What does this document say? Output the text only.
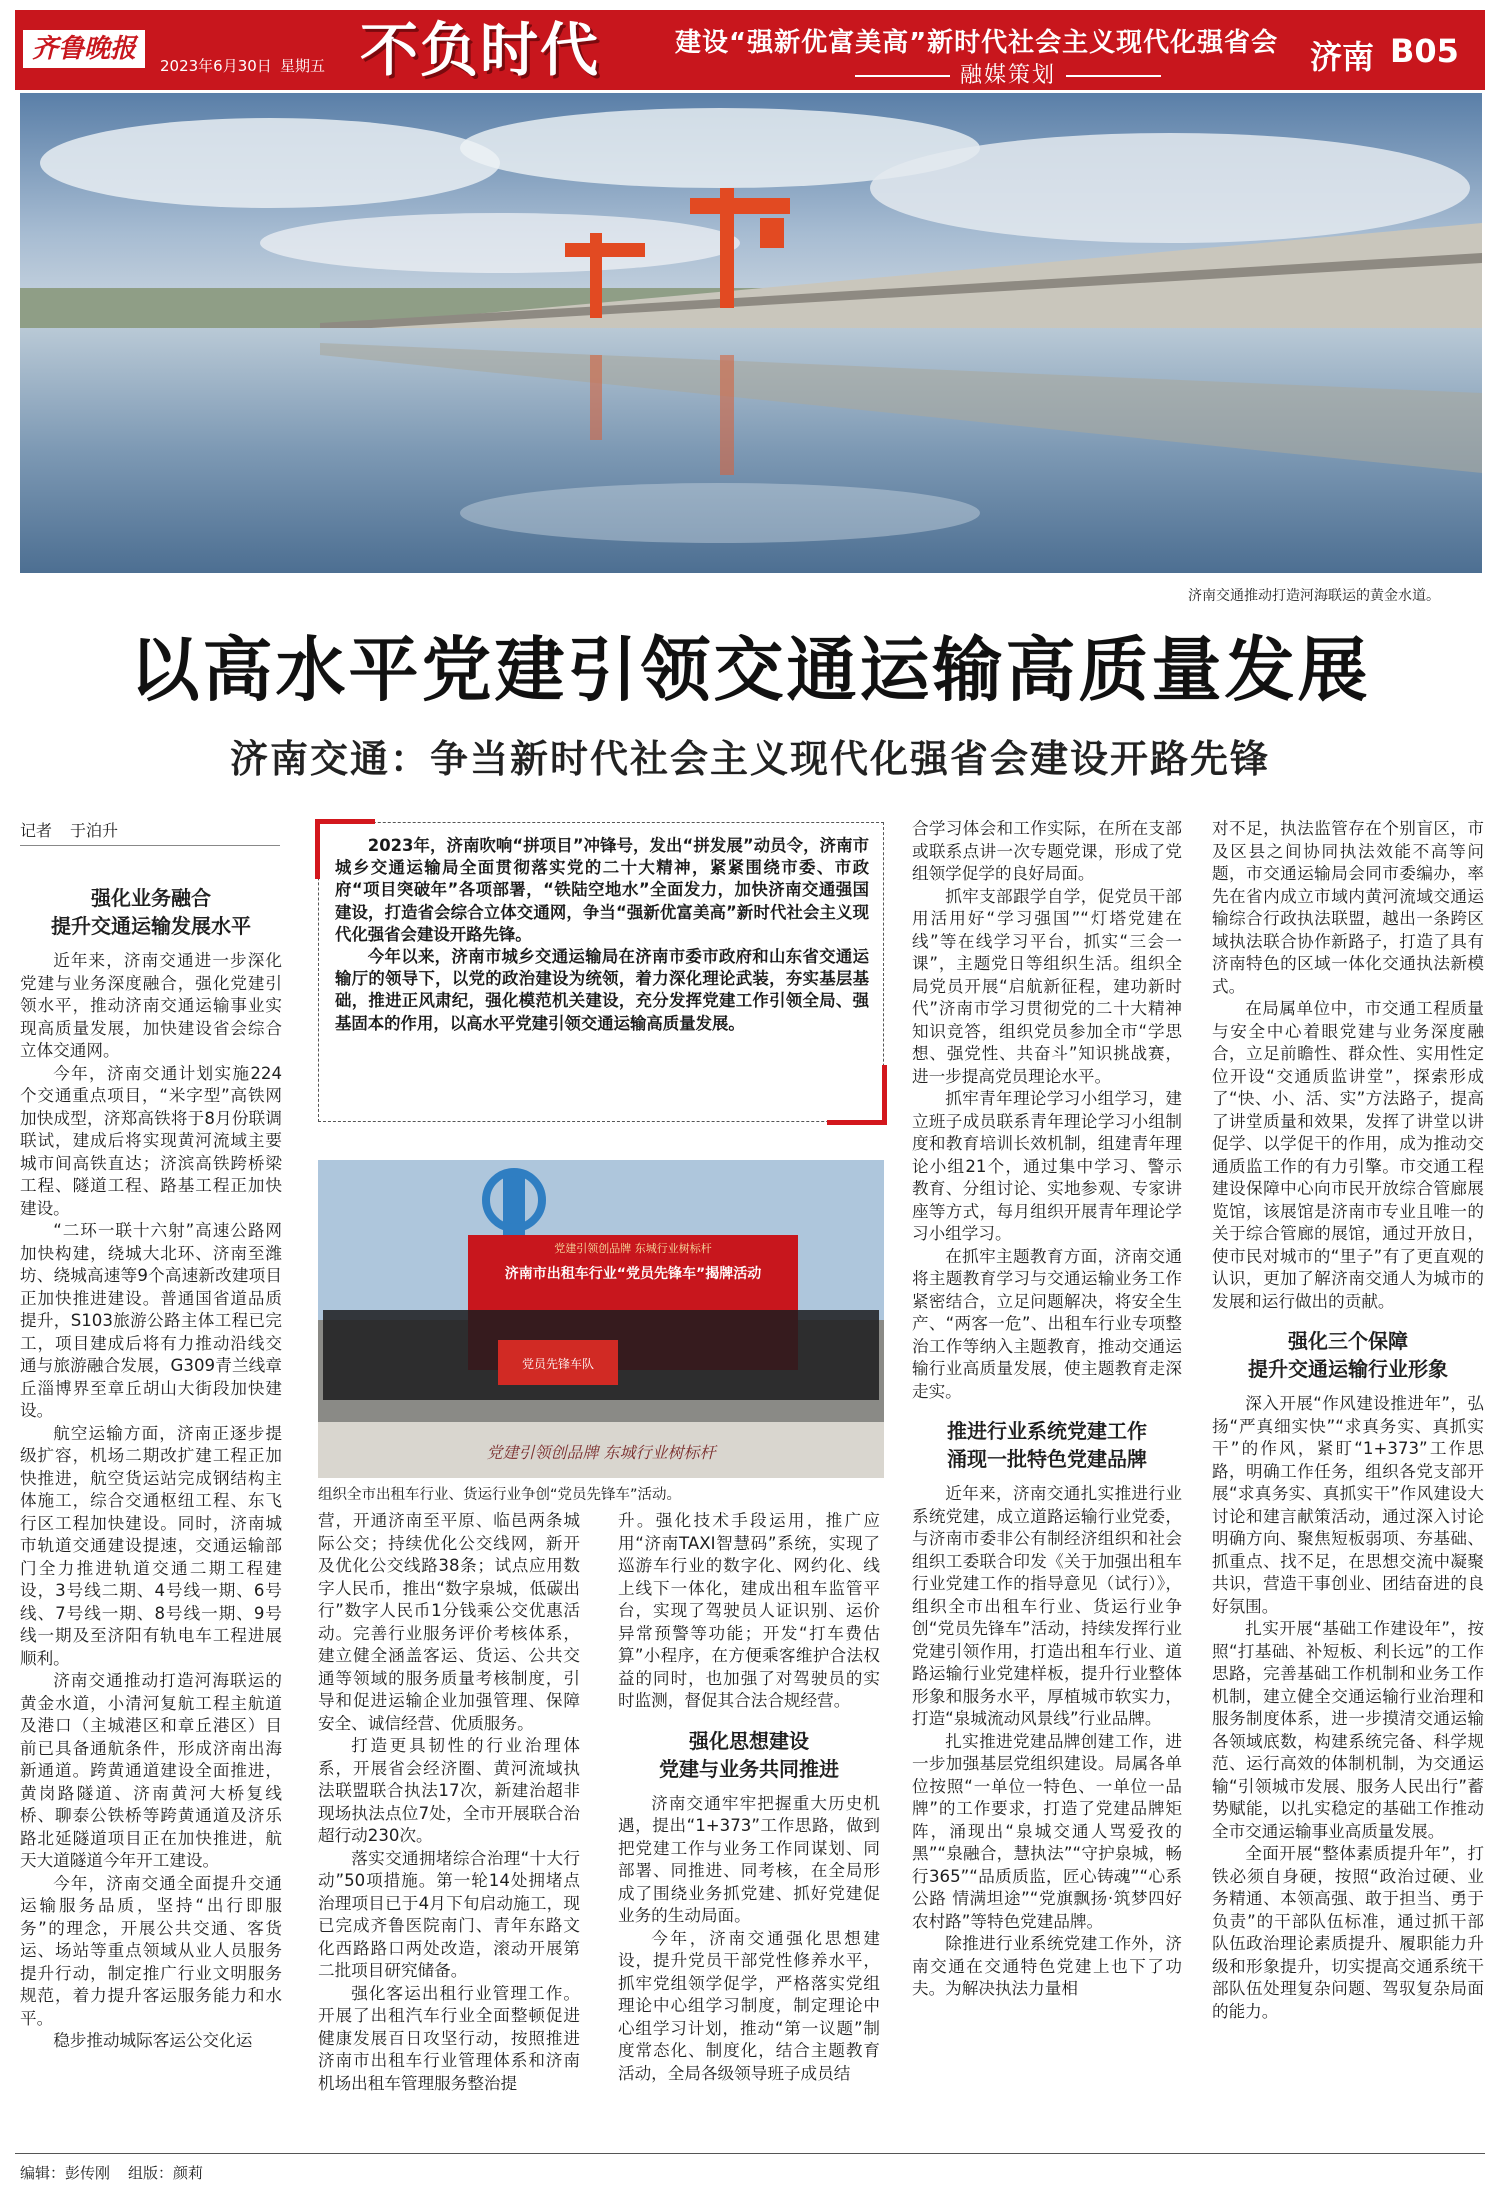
齐鲁晚报
2023年6月30日 星期五 不负时代	建设“强新优富美高”新时代社会主义现代化强省会
融媒策划	济南 B05
济南交通推动打造河海联运的黄金水道。
以高水平党建引领交通运输高质量发展
济南交通：争当新时代社会主义现代化强省会建设开路先锋
记者 于泊升
强化业务融合
提升交通运输发展水平

近年来，济南交通进一步深化党建与业务深度融合，强化党建引领水平，推动济南交通运输事业实现高质量发展，加快建设省会综合立体交通网。

今年，济南交通计划实施224个交通重点项目，“米字型”高铁网加快成型，济郑高铁将于8月份联调联试，建成后将实现黄河流域主要城市间高铁直达；济滨高铁跨桥梁工程、隧道工程、路基工程正加快建设。

“二环一联十六射”高速公路网加快构建，绕城大北环、济南至潍坊、绕城高速等9个高速新改建项目正加快推进建设。普通国省道品质提升，S103旅游公路主体工程已完工，项目建成后将有力推动沿线交通与旅游融合发展，G309青兰线章丘淄博界至章丘胡山大街段加快建设。

航空运输方面，济南正逐步提级扩容，机场二期改扩建工程正加快推进，航空货运站完成钢结构主体施工，综合交通枢纽工程、东飞行区工程加快建设。同时，济南城市轨道交通建设提速，交通运输部门全力推进轨道交通二期工程建设，3号线二期、4号线一期、6号线、7号线一期、8号线一期、9号线一期及至济阳有轨电车工程进展顺利。

济南交通推动打造河海联运的黄金水道，小清河复航工程主航道及港口（主城港区和章丘港区）目前已具备通航条件，形成济南出海新通道。跨黄通道建设全面推进，黄岗路隧道、济南黄河大桥复线桥、聊泰公铁桥等跨黄通道及济乐路北延隧道项目正在加快推进，航天大道隧道今年开工建设。

今年，济南交通全面提升交通运输服务品质，坚持“出行即服务”的理念，开展公共交通、客货运、场站等重点领域从业人员服务提升行动，制定推广行业文明服务规范，着力提升客运服务能力和水平。

稳步推动城际客运公交化运

2023年，济南吹响“拼项目”冲锋号，发出“拼发展”动员令，济南市城乡交通运输局全面贯彻落实党的二十大精神，紧紧围绕市委、市政府“项目突破年”各项部署，“铁陆空地水”全面发力，加快济南交通强国建设，打造省会综合立体交通网，争当“强新优富美高”新时代社会主义现代化强省会建设开路先锋。

今年以来，济南市城乡交通运输局在济南市委市政府和山东省交通运输厅的领导下，以党的政治建设为统领，着力深化理论武装，夯实基层基础，推进正风肃纪，强化模范机关建设，充分发挥党建工作引领全局、强基固本的作用，以高水平党建引领交通运输高质量发展。

党建引领创品牌 东城行业树标杆
济南市出租车行业“党员先锋车”揭牌活动
党员先锋车队
党建引领创品牌 东城行业树标杆
组织全市出租车行业、货运行业争创“党员先锋车”活动。

营，开通济南至平原、临邑两条城际公交；持续优化公交线网，新开及优化公交线路38条；试点应用数字人民币，推出“数字泉城，低碳出行”数字人民币1分钱乘公交优惠活动。完善行业服务评价考核体系，建立健全涵盖客运、货运、公共交通等领域的服务质量考核制度，引导和促进运输企业加强管理、保障安全、诚信经营、优质服务。

打造更具韧性的行业治理体系，开展省会经济圈、黄河流域执法联盟联合执法17次，新建治超非现场执法点位7处，全市开展联合治超行动230次。

落实交通拥堵综合治理“十大行动”50项措施。第一轮14处拥堵点治理项目已于4月下旬启动施工，现已完成齐鲁医院南门、青年东路文化西路路口两处改造，滚动开展第二批项目研究储备。

强化客运出租行业管理工作。开展了出租汽车行业全面整顿促进健康发展百日攻坚行动，按照推进济南市出租车行业管理体系和济南机场出租车管理服务整治提

升。强化技术手段运用，推广应用“济南TAXI智慧码”系统，实现了巡游车行业的数字化、网约化、线上线下一体化，建成出租车监管平台，实现了驾驶员人证识别、运价异常预警等功能；开发“打车费估算”小程序，在方便乘客维护合法权益的同时，也加强了对驾驶员的实时监测，督促其合法合规经营。

强化思想建设
党建与业务共同推进

济南交通牢牢把握重大历史机遇，提出“1+373”工作思路，做到把党建工作与业务工作同谋划、同部署、同推进、同考核，在全局形成了围绕业务抓党建、抓好党建促业务的生动局面。

今年，济南交通强化思想建设，提升党员干部党性修养水平，抓牢党组领学促学，严格落实党组理论中心组学习制度，制定理论中心组学习计划，推动“第一议题”制度常态化、制度化，结合主题教育活动，全局各级领导班子成员结

合学习体会和工作实际，在所在支部或联系点讲一次专题党课，形成了党组领学促学的良好局面。

抓牢支部跟学自学，促党员干部用活用好“学习强国”“灯塔党建在线”等在线学习平台，抓实“三会一课”，主题党日等组织生活。组织全局党员开展“启航新征程，建功新时代”济南市学习贯彻党的二十大精神知识竞答，组织党员参加全市“学思想、强党性、共奋斗”知识挑战赛，进一步提高党员理论水平。

抓牢青年理论学习小组学习，建立班子成员联系青年理论学习小组制度和教育培训长效机制，组建青年理论小组21个，通过集中学习、警示教育、分组讨论、实地参观、专家讲座等方式，每月组织开展青年理论学习小组学习。

在抓牢主题教育方面，济南交通将主题教育学习与交通运输业务工作紧密结合，立足问题解决，将安全生产、“两客一危”、出租车行业专项整治工作等纳入主题教育，推动交通运输行业高质量发展，使主题教育走深走实。

推进行业系统党建工作
涌现一批特色党建品牌

近年来，济南交通扎实推进行业系统党建，成立道路运输行业党委，与济南市委非公有制经济组织和社会组织工委联合印发《关于加强出租车行业党建工作的指导意见（试行）》，组织全市出租车行业、货运行业争创“党员先锋车”活动，持续发挥行业党建引领作用，打造出租车行业、道路运输行业党建样板，提升行业整体形象和服务水平，厚植城市软实力，打造“泉城流动风景线”行业品牌。

扎实推进党建品牌创建工作，进一步加强基层党组织建设。局属各单位按照“一单位一特色、一单位一品牌”的工作要求，打造了党建品牌矩阵，涌现出“泉城交通人骂爱孜的黑”“泉融合，慧执法”“守护泉城，畅行365”“品质质监，匠心铸魂”“心系公路 情满坦途”“党旗飘扬·筑梦四好农村路”等特色党建品牌。

除推进行业系统党建工作外，济南交通在交通特色党建上也下了功夫。为解决执法力量相

对不足，执法监管存在个别盲区，市及区县之间协同执法效能不高等问题，市交通运输局会同市委编办，率先在省内成立市域内黄河流域交通运输综合行政执法联盟，越出一条跨区域执法联合协作新路子，打造了具有济南特色的区域一体化交通执法新模式。

在局属单位中，市交通工程质量与安全中心着眼党建与业务深度融合，立足前瞻性、群众性、实用性定位开设“交通质监讲堂”，探索形成了“快、小、活、实”方法路子，提高了讲堂质量和效果，发挥了讲堂以讲促学、以学促干的作用，成为推动交通质监工作的有力引擎。市交通工程建设保障中心向市民开放综合管廊展览馆，该展馆是济南市专业且唯一的关于综合管廊的展馆，通过开放日，使市民对城市的“里子”有了更直观的认识，更加了解济南交通人为城市的发展和运行做出的贡献。

强化三个保障
提升交通运输行业形象

深入开展“作风建设推进年”，弘扬“严真细实快”“求真务实、真抓实干”的作风，紧盯“1+373”工作思路，明确工作任务，组织各党支部开展“求真务实、真抓实干”作风建设大讨论和建言献策活动，通过深入讨论明确方向、聚焦短板弱项、夯基础、抓重点、找不足，在思想交流中凝聚共识，营造干事创业、团结奋进的良好氛围。

扎实开展“基础工作建设年”，按照“打基础、补短板、利长远”的工作思路，完善基础工作机制和业务工作机制，建立健全交通运输行业治理和服务制度体系，进一步摸清交通运输各领域底数，构建系统完备、科学规范、运行高效的体制机制，为交通运输“引领城市发展、服务人民出行”蓄势赋能，以扎实稳定的基础工作推动全市交通运输事业高质量发展。

全面开展“整体素质提升年”，打铁必须自身硬，按照“政治过硬、业务精通、本领高强、敢于担当、勇于负责”的干部队伍标准，通过抓干部队伍政治理论素质提升、履职能力升级和形象提升，切实提高交通系统干部队伍处理复杂问题、驾驭复杂局面的能力。

编辑：彭传刚 组版：颜莉
